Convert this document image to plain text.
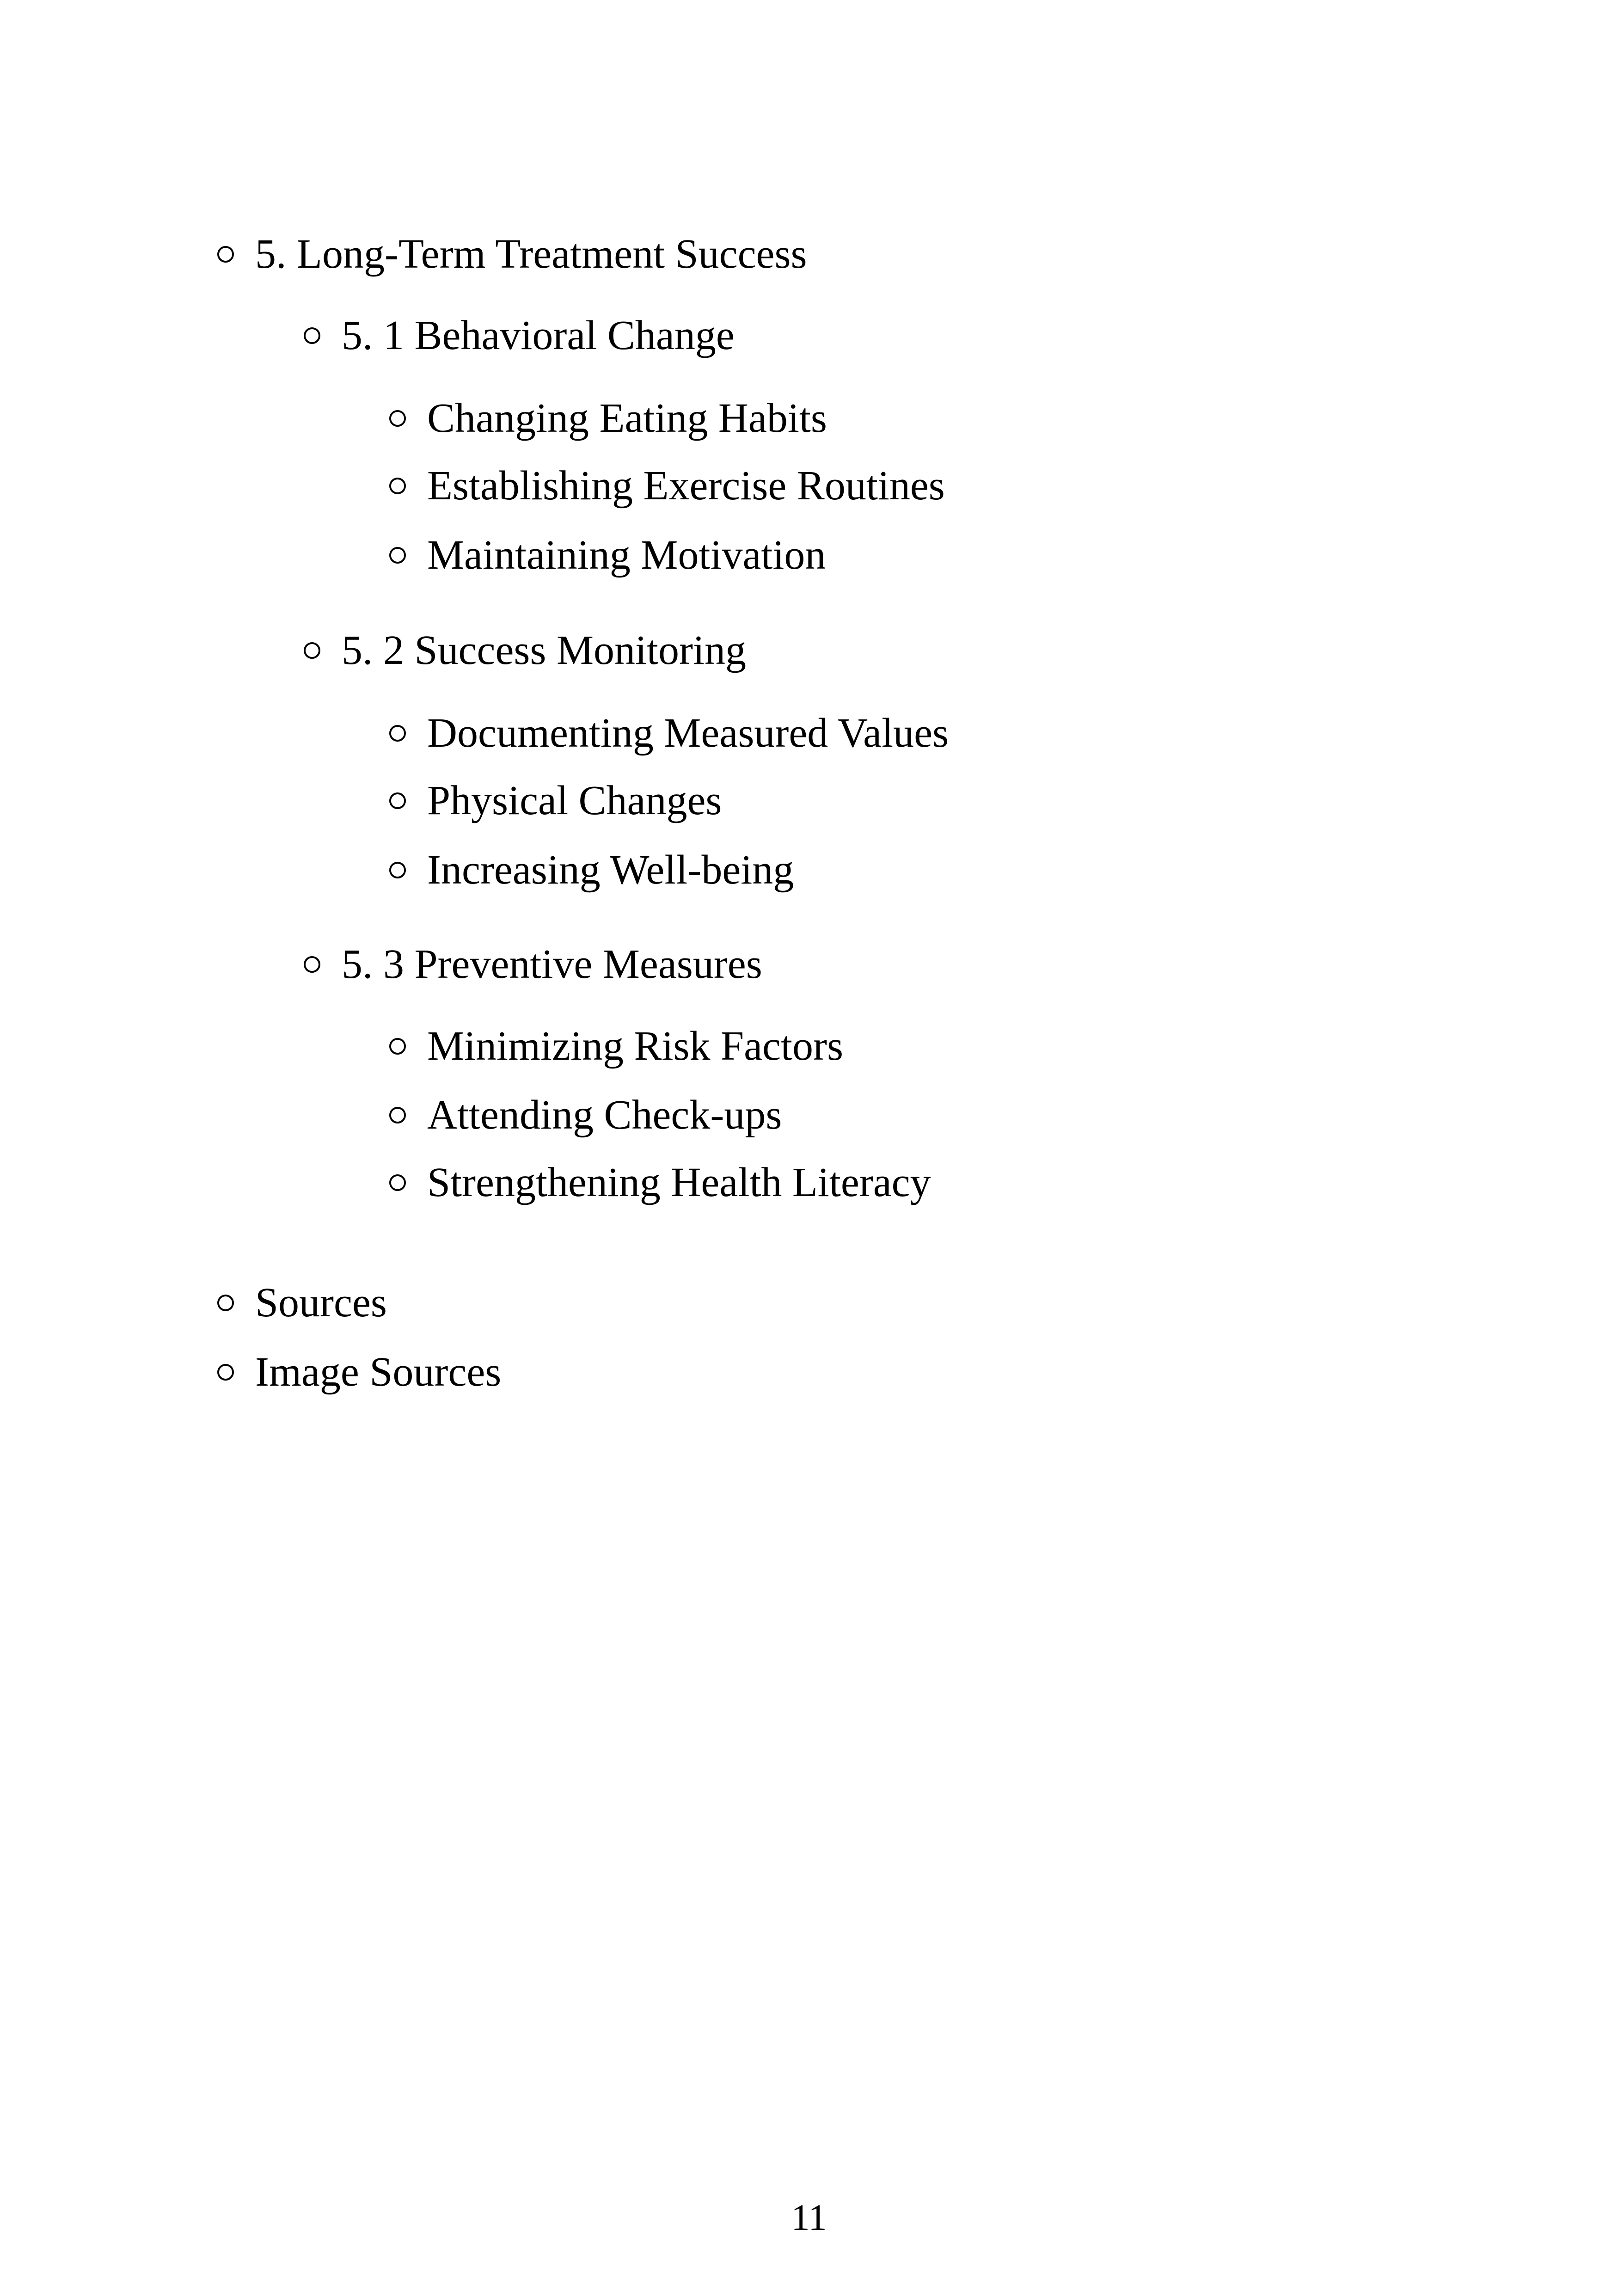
5. Long-Term Treatment Success
5. 1 Behavioral Change
Changing Eating Habits
Establishing Exercise Routines
Maintaining Motivation
5. 2 Success Monitoring
Documenting Measured Values
Physical Changes
Increasing Well-being
5. 3 Preventive Measures
Minimizing Risk Factors
Attending Check-ups
Strengthening Health Literacy
Sources
Image Sources
11
